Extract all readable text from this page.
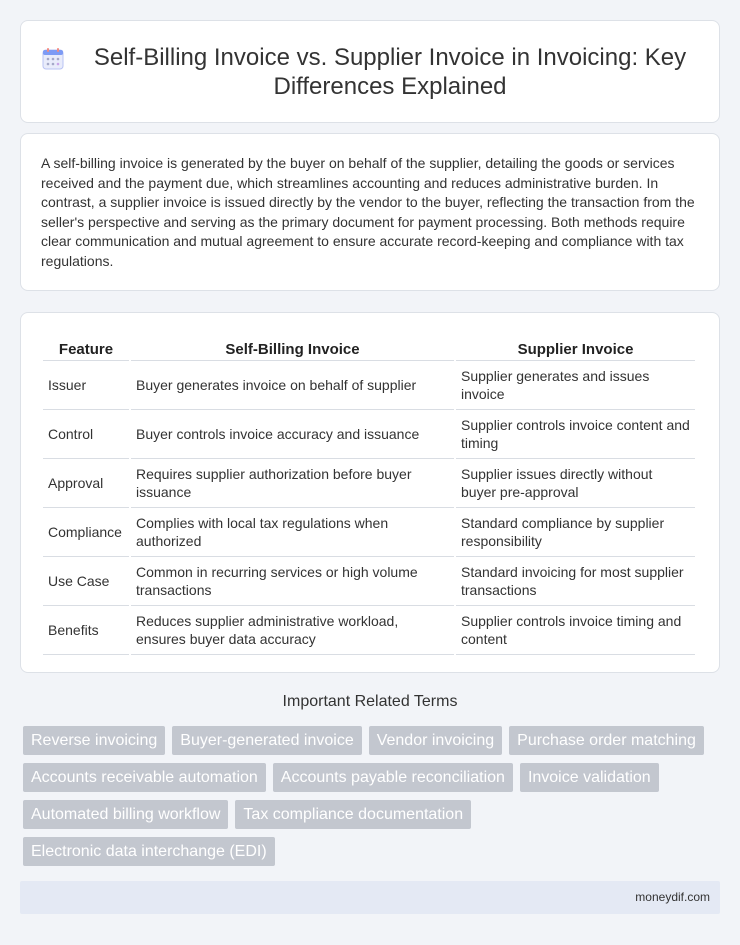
Self-Billing Invoice vs. Supplier Invoice in Invoicing: Key Differences Explained

A self-billing invoice is generated by the buyer on behalf of the supplier, detailing the goods or services received and the payment due, which streamlines accounting and reduces administrative burden. In contrast, a supplier invoice is issued directly by the vendor to the buyer, reflecting the transaction from the seller's perspective and serving as the primary document for payment processing. Both methods require clear communication and mutual agreement to ensure accurate record-keeping and compliance with tax regulations.

Feature	Self-Billing Invoice	Supplier Invoice
Issuer	Buyer generates invoice on behalf of supplier	Supplier generates and issues invoice
Control	Buyer controls invoice accuracy and issuance	Supplier controls invoice content and timing
Approval	Requires supplier authorization before buyer issuance	Supplier issues directly without buyer pre-approval
Compliance	Complies with local tax regulations when authorized	Standard compliance by supplier responsibility
Use Case	Common in recurring services or high volume transactions	Standard invoicing for most supplier transactions
Benefits	Reduces supplier administrative workload, ensures buyer data accuracy	Supplier controls invoice timing and content
Important Related Terms
Reverse invoicing	Buyer-generated invoice	Vendor invoicing	Purchase order matching
Accounts receivable automation	Accounts payable reconciliation	Invoice validation
Automated billing workflow	Tax compliance documentation
Electronic data interchange (EDI)
moneydif.com
